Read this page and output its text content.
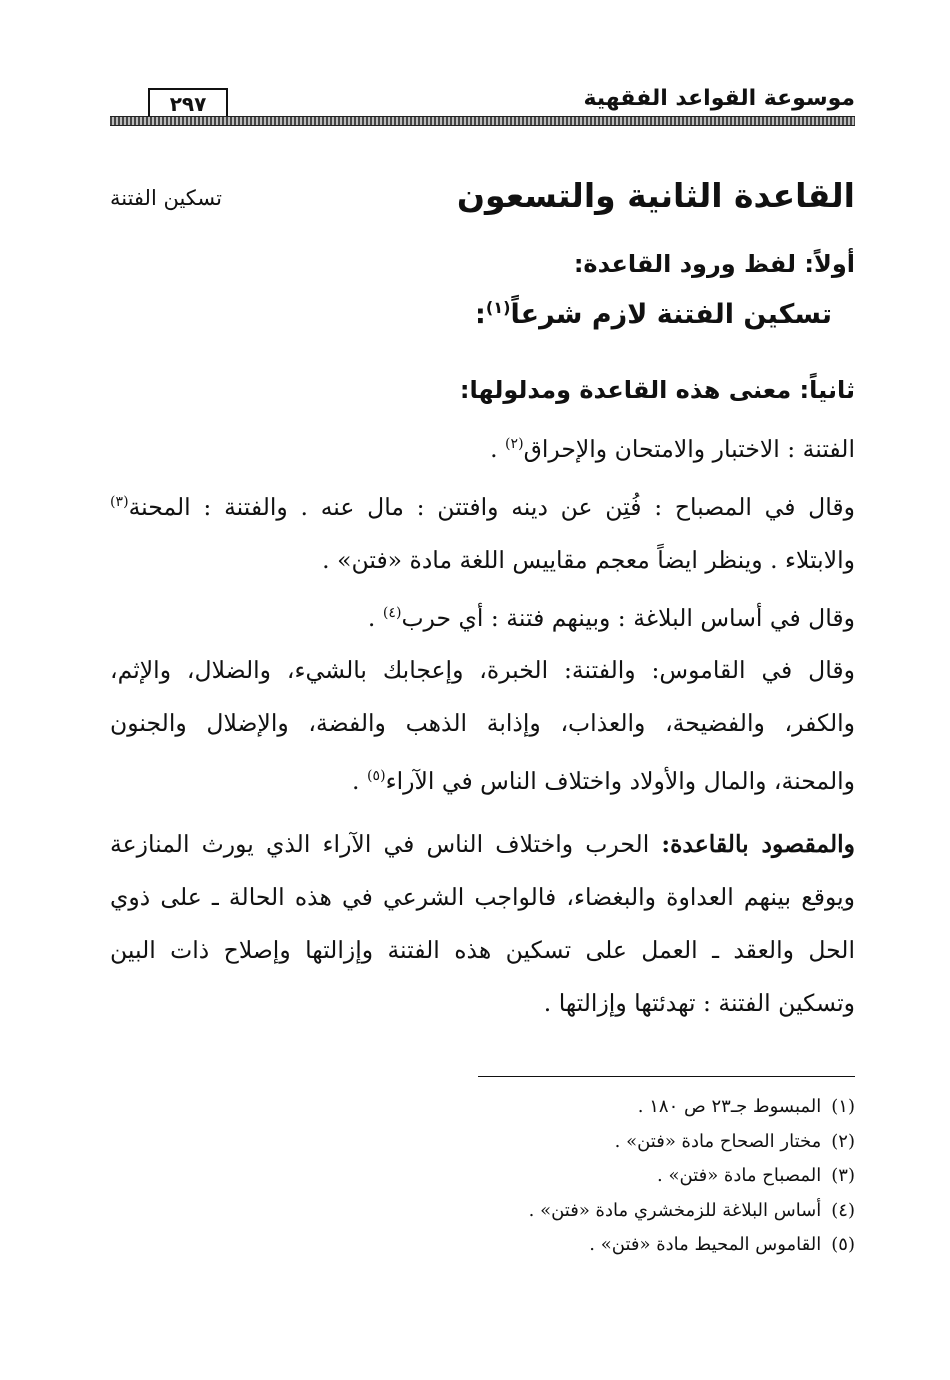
موسوعة القواعد الفقهية
٢٩٧
القاعدة الثانية والتسعون
تسكين الفتنة
أولاً: لفظ ورود القاعدة:
تسكين الفتنة لازم شرعاً$^{(١)}$:
ثانياً: معنى هذه القاعدة ومدلولها:

الفتنة : الاختبار والامتحان والإحراق$^{(٢)}$ .

وقال في المصباح : فُتِن عن دينه وافتتن : مال عنه . والفتنة : المحنة$^{(٣)}$ والابتلاء . وينظر ايضاً معجم مقاييس اللغة مادة «فتن» .

وقال في أساس البلاغة : وبينهم فتنة : أي حرب$^{(٤)}$ .

وقال في القاموس: والفتنة: الخبرة، وإعجابك بالشيء، والضلال، والإثم، والكفر، والفضيحة، والعذاب، وإذابة الذهب والفضة، والإضلال والجنون والمحنة، والمال والأولاد واختلاف الناس في الآراء$^{(٥)}$ .

والمقصود بالقاعدة: الحرب واختلاف الناس في الآراء الذي يورث المنازعة ويوقع بينهم العداوة والبغضاء، فالواجب الشرعي في هذه الحالة ـ على ذوي الحل والعقد ـ العمل على تسكين هذه الفتنة وإزالتها وإصلاح ذات البين وتسكين الفتنة : تهدئتها وإزالتها .

(١)المبسوط جـ٢٣ ص ١٨٠ .
(٢)مختار الصحاح مادة «فتن» .
(٣)المصباح مادة «فتن» .
(٤)أساس البلاغة للزمخشري مادة «فتن» .
(٥)القاموس المحيط مادة «فتن» .
